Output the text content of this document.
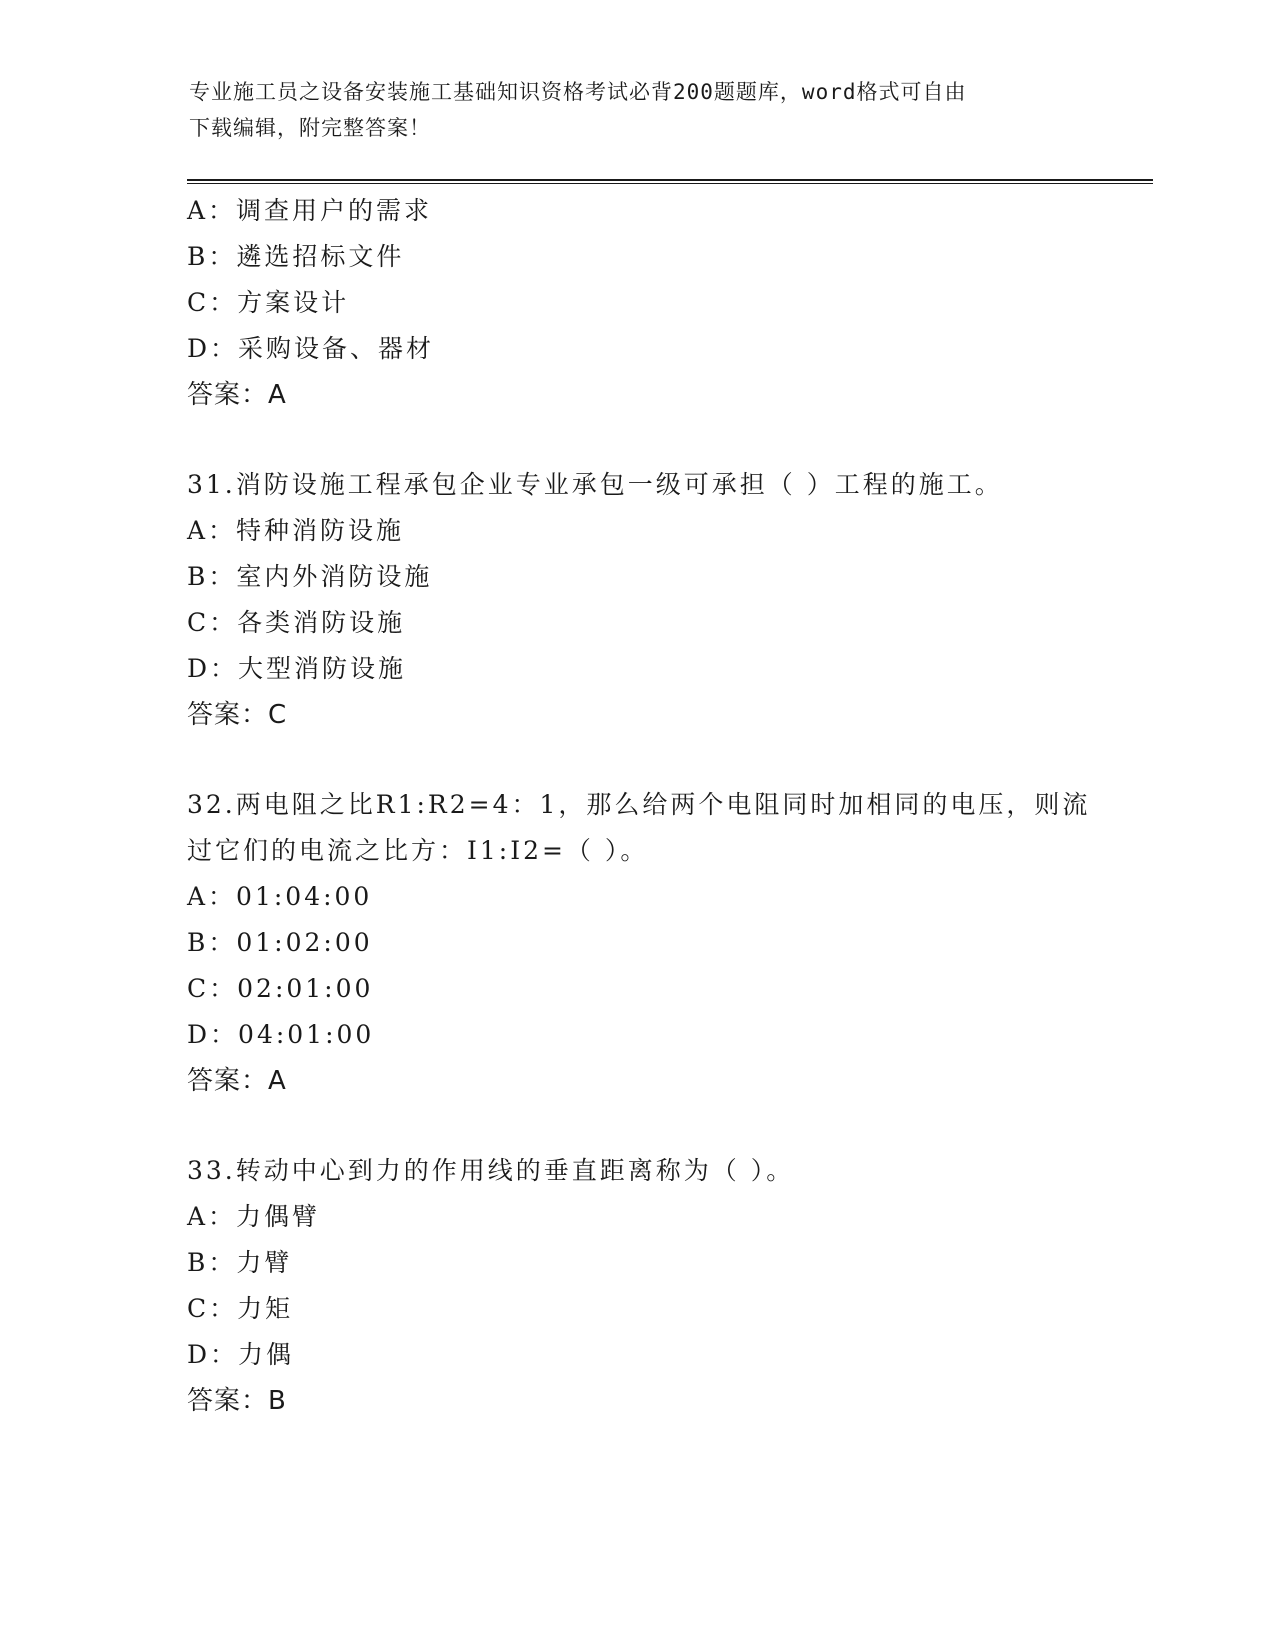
专业施工员之设备安装施工基础知识资格考试必背200题题库，word格式可自由
下载编辑，附完整答案！
A：调查用户的需求
B：遴选招标文件
C：方案设计
D：采购设备、器材
答案：A
31.消防设施工程承包企业专业承包一级可承担（ ）工程的施工。
A：特种消防设施
B：室内外消防设施
C：各类消防设施
D：大型消防设施
答案：C
32.两电阻之比R1:R2=4：1，那么给两个电阻同时加相同的电压，则流
过它们的电流之比方：I1:I2=（ ）。
A：01:04:00
B：01:02:00
C：02:01:00
D：04:01:00
答案：A
33.转动中心到力的作用线的垂直距离称为（ ）。
A：力偶臂
B：力臂
C：力矩
D：力偶
答案：B
